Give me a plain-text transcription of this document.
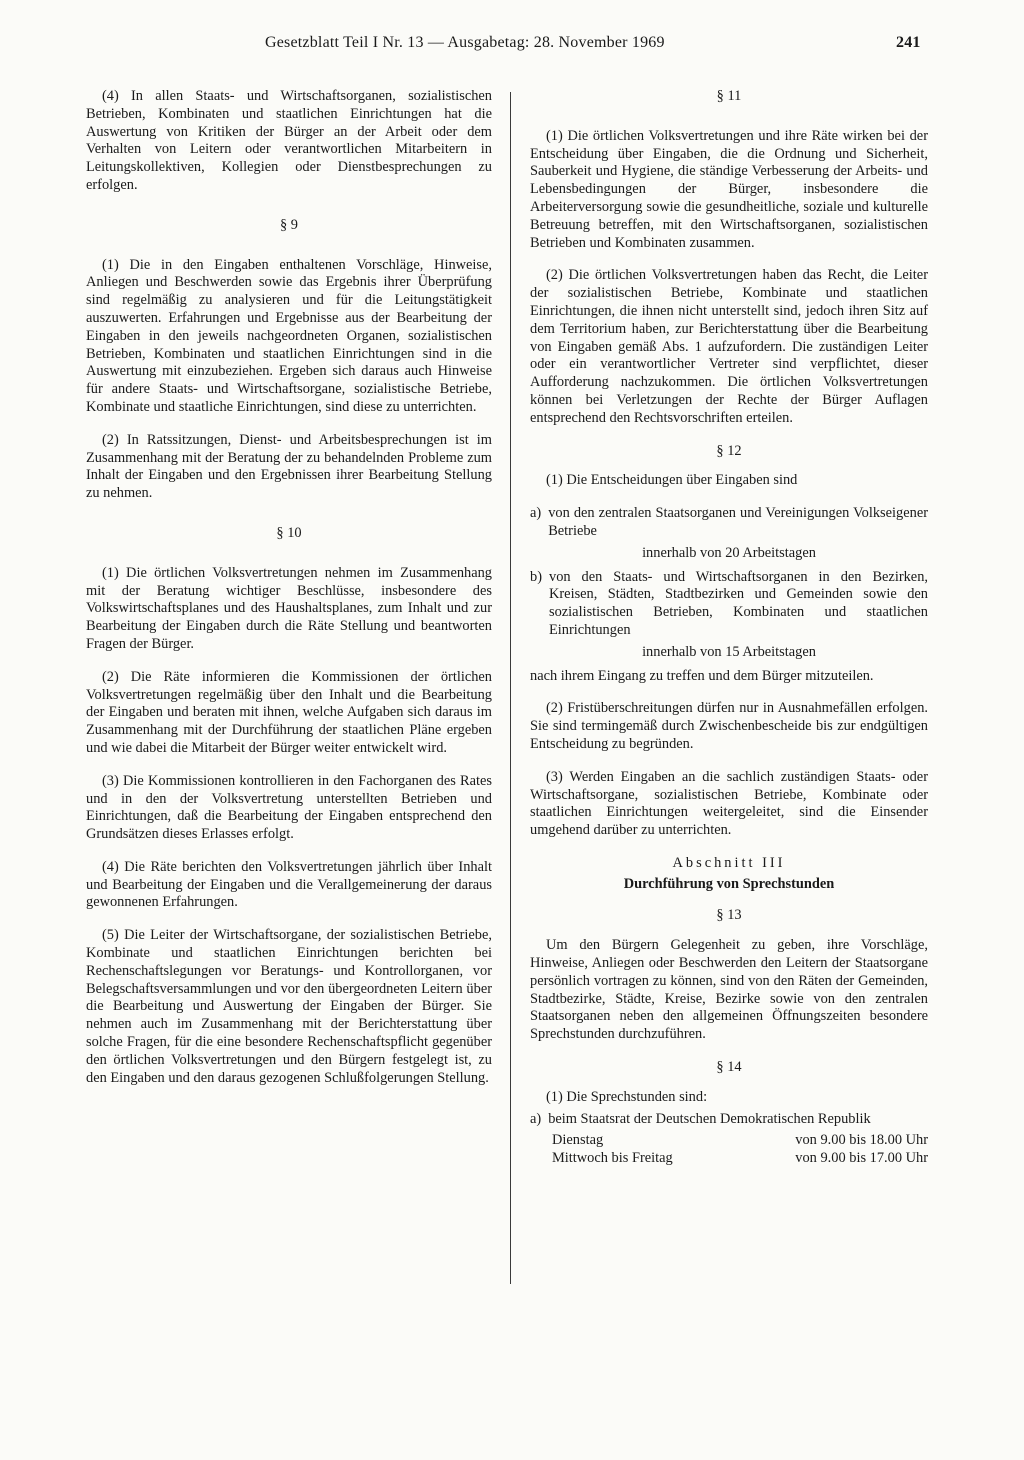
Gesetzblatt Teil I Nr. 13 — Ausgabetag: 28. November 1969	241

(4) In allen Staats- und Wirtschaftsorganen, sozialistischen Betrieben, Kombinaten und staatlichen Einrichtungen hat die Auswertung von Kritiken der Bürger an der Arbeit oder dem Verhalten von Leitern oder verantwortlichen Mitarbeitern in Leitungskollektiven, Kollegien oder Dienstbesprechungen zu erfolgen.

§ 9

(1) Die in den Eingaben enthaltenen Vorschläge, Hinweise, Anliegen und Beschwerden sowie das Ergebnis ihrer Überprüfung sind regelmäßig zu analysieren und für die Leitungstätigkeit auszuwerten. Erfahrungen und Ergebnisse aus der Bearbeitung der Eingaben in den jeweils nachgeordneten Organen, sozialistischen Betrieben, Kombinaten und staatlichen Einrichtungen sind in die Auswertung mit einzubeziehen. Ergeben sich daraus auch Hinweise für andere Staats- und Wirtschaftsorgane, sozialistische Betriebe, Kombinate und staatliche Einrichtungen, sind diese zu unterrichten.

(2) In Ratssitzungen, Dienst- und Arbeitsbesprechungen ist im Zusammenhang mit der Beratung der zu behandelnden Probleme zum Inhalt der Eingaben und den Ergebnissen ihrer Bearbeitung Stellung zu nehmen.

§ 10

(1) Die örtlichen Volksvertretungen nehmen im Zusammenhang mit der Beratung wichtiger Beschlüsse, insbesondere des Volkswirtschaftsplanes und des Haushaltsplanes, zum Inhalt und zur Bearbeitung der Eingaben durch die Räte Stellung und beantworten Fragen der Bürger.

(2) Die Räte informieren die Kommissionen der örtlichen Volksvertretungen regelmäßig über den Inhalt und die Bearbeitung der Eingaben und beraten mit ihnen, welche Aufgaben sich daraus im Zusammenhang mit der Durchführung der staatlichen Pläne ergeben und wie dabei die Mitarbeit der Bürger weiter entwickelt wird.

(3) Die Kommissionen kontrollieren in den Fachorganen des Rates und in den der Volksvertretung unterstellten Betrieben und Einrichtungen, daß die Bearbeitung der Eingaben entsprechend den Grundsätzen dieses Erlasses erfolgt.

(4) Die Räte berichten den Volksvertretungen jährlich über Inhalt und Bearbeitung der Eingaben und die Verallgemeinerung der daraus gewonnenen Erfahrungen.

(5) Die Leiter der Wirtschaftsorgane, der sozialistischen Betriebe, Kombinate und staatlichen Einrichtungen berichten bei Rechenschaftslegungen vor Beratungs- und Kontrollorganen, vor Belegschaftsversammlungen und vor den übergeordneten Leitern über die Bearbeitung und Auswertung der Eingaben der Bürger. Sie nehmen auch im Zusammenhang mit der Berichterstattung über solche Fragen, für die eine besondere Rechenschaftspflicht gegenüber den örtlichen Volksvertretungen und den Bürgern festgelegt ist, zu den Eingaben und den daraus gezogenen Schlußfolgerungen Stellung.

§ 11

(1) Die örtlichen Volksvertretungen und ihre Räte wirken bei der Entscheidung über Eingaben, die die Ordnung und Sicherheit, Sauberkeit und Hygiene, die ständige Verbesserung der Arbeits- und Lebensbedingungen der Bürger, insbesondere die Arbeiterversorgung sowie die gesundheitliche, soziale und kulturelle Betreuung betreffen, mit den Wirtschaftsorganen, sozialistischen Betrieben und Kombinaten zusammen.

(2) Die örtlichen Volksvertretungen haben das Recht, die Leiter der sozialistischen Betriebe, Kombinate und staatlichen Einrichtungen, die ihnen nicht unterstellt sind, jedoch ihren Sitz auf dem Territorium haben, zur Berichterstattung über die Bearbeitung von Eingaben gemäß Abs. 1 aufzufordern. Die zuständigen Leiter oder ein verantwortlicher Vertreter sind verpflichtet, dieser Aufforderung nachzukommen. Die örtlichen Volksvertretungen können bei Verletzungen der Rechte der Bürger Auflagen entsprechend den Rechtsvorschriften erteilen.

§ 12

(1) Die Entscheidungen über Eingaben sind

a) von den zentralen Staatsorganen und Vereinigungen Volkseigener Betriebe
innerhalb von 20 Arbeitstagen
b) von den Staats- und Wirtschaftsorganen in den Bezirken, Kreisen, Städten, Stadtbezirken und Gemeinden sowie den sozialistischen Betrieben, Kombinaten und staatlichen Einrichtungen
innerhalb von 15 Arbeitstagen

nach ihrem Eingang zu treffen und dem Bürger mitzuteilen.

(2) Fristüberschreitungen dürfen nur in Ausnahmefällen erfolgen. Sie sind termingemäß durch Zwischenbescheide bis zur endgültigen Entscheidung zu begründen.

(3) Werden Eingaben an die sachlich zuständigen Staats- oder Wirtschaftsorgane, sozialistischen Betriebe, Kombinate oder staatlichen Einrichtungen weitergeleitet, sind die Einsender umgehend darüber zu unterrichten.

Abschnitt III
Durchführung von Sprechstunden
§ 13

Um den Bürgern Gelegenheit zu geben, ihre Vorschläge, Hinweise, Anliegen oder Beschwerden den Leitern der Staatsorgane persönlich vortragen zu können, sind von den Räten der Gemeinden, Stadtbezirke, Städte, Kreise, Bezirke sowie von den zentralen Staatsorganen neben den allgemeinen Öffnungszeiten besondere Sprechstunden durchzuführen.

§ 14
(1) Die Sprechstunden sind:
a) beim Staatsrat der Deutschen Demokratischen Republik
Dienstag	von 9.00 bis 18.00 Uhr
Mittwoch bis Freitag	von 9.00 bis 17.00 Uhr
